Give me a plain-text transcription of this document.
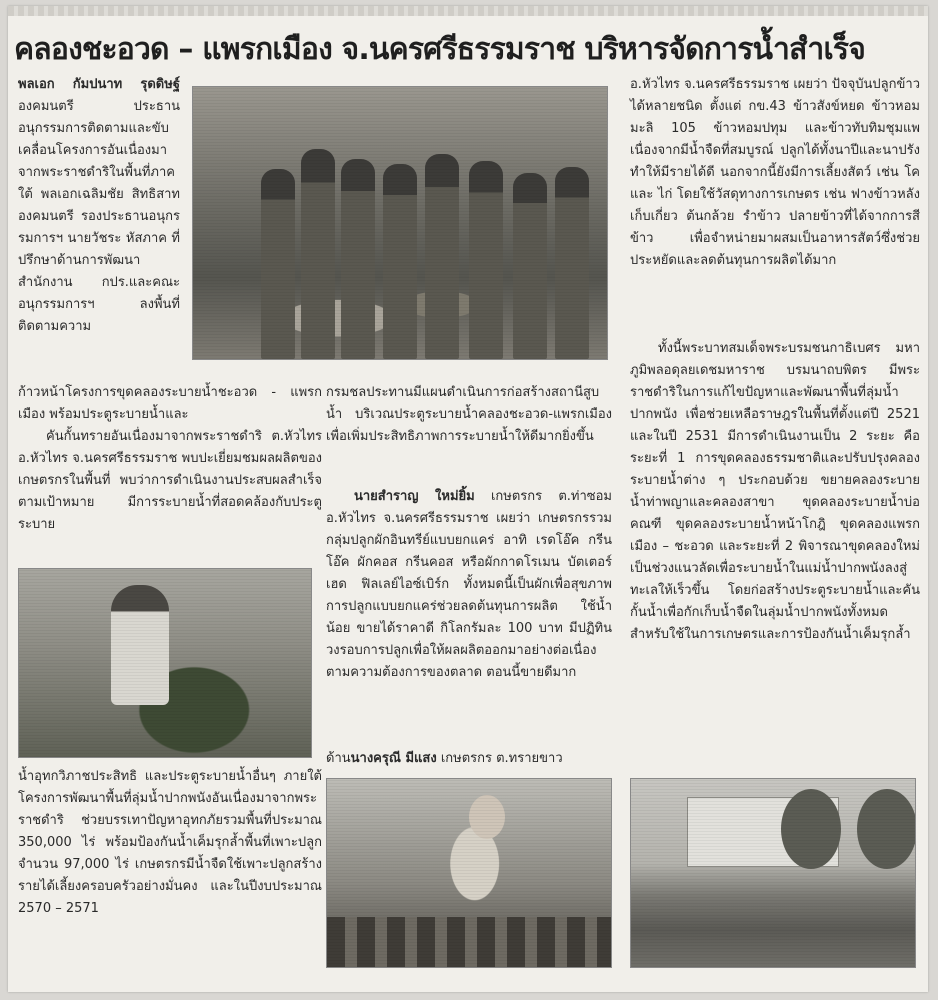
คลองชะอวด – แพรกเมือง จ.นครศรีธรรมราช บริหารจัดการน้ำสำเร็จ

พลเอก กัมปนาท รุดดิษฐ์ องคมนตรี ประธานอนุกรรมการติดตามและขับเคลื่อนโครงการอันเนื่องมาจากพระราชดำริในพื้นที่ภาคใต้ พลเอกเฉลิมชัย สิทธิสาท องคมนตรี รองประธานอนุกรรมการฯ นายวัชระ หัสภาค ที่ปรึกษาด้านการพัฒนา สำนักงาน กปร.และคณะอนุกรรมการฯ ลงพื้นที่ติดตามความ

ก้าวหน้าโครงการขุดคลองระบายน้ำชะอวด - แพรกเมือง พร้อมประตูระบายน้ำและ

คันกั้นทรายอันเนื่องมาจากพระราชดำริ ต.หัวไทร อ.หัวไทร จ.นครศรีธรรมราช พบปะเยี่ยมชมผลผลิตของเกษตรกรในพื้นที่ พบว่าการดำเนินงานประสบผลสำเร็จตามเป้าหมาย มีการระบายน้ำที่สอดคล้องกับประตูระบาย

น้ำอุทกวิภาชประสิทธิ และประตูระบายน้ำอื่นๆ ภายใต้โครงการพัฒนาพื้นที่ลุ่มน้ำปากพนังอันเนื่องมาจากพระราชดำริ ช่วยบรรเทาปัญหาอุทกภัยรวมพื้นที่ประมาณ 350,000 ไร่ พร้อมป้องกันน้ำเค็มรุกล้ำพื้นที่เพาะปลูกจำนวน 97,000 ไร่ เกษตรกรมีน้ำจืดใช้เพาะปลูกสร้างรายได้เลี้ยงครอบครัวอย่างมั่นคง และในปีงบประมาณ 2570 – 2571

กรมชลประทานมีแผนดำเนินการก่อสร้างสถานีสูบน้ำ บริเวณประตูระบายน้ำคลองชะอวด-แพรกเมือง เพื่อเพิ่มประสิทธิภาพการระบายน้ำให้ดีมากยิ่งขึ้น

นายสำราญ ใหม่ยิ้ม เกษตรกร ต.ท่าซอม อ.หัวไทร จ.นครศรีธรรมราช เผยว่า เกษตรกรรวมกลุ่มปลูกผักอินทรีย์แบบยกแคร่ อาทิ เรดโอ๊ค กรีนโอ๊ค ผักคอส กรีนคอส หรือผักกาดโรเมน บัตเตอร์เฮด ฟิลเลย์ไอซ์เบิร์ก ทั้งหมดนี้เป็นผักเพื่อสุขภาพ การปลูกแบบยกแคร่ช่วยลดต้นทุนการผลิต ใช้น้ำน้อย ขายได้ราคาดี กิโลกรัมละ 100 บาท มีปฏิทินวงรอบการปลูกเพื่อให้ผลผลิตออกมาอย่างต่อเนื่องตามความต้องการของตลาด ตอนนี้ขายดีมาก

ด้านนางครุณี มีแสง เกษตรกร ต.ทรายขาว

อ.หัวไทร จ.นครศรีธรรมราช เผยว่า ปัจจุบันปลูกข้าวได้หลายชนิด ตั้งแต่ กข.43 ข้าวสังข์หยด ข้าวหอมมะลิ 105 ข้าวหอมปทุม และข้าวทับทิมชุมแพ เนื่องจากมีน้ำจืดที่สมบูรณ์ ปลูกได้ทั้งนาปีและนาปรัง ทำให้มีรายได้ดี นอกจากนี้ยังมีการเลี้ยงสัตว์ เช่น โค และ ไก่ โดยใช้วัสดุทางการเกษตร เช่น ฟางข้าวหลังเก็บเกี่ยว ต้นกล้วย รำข้าว ปลายข้าวที่ได้จากการสีข้าว เพื่อจำหน่ายมาผสมเป็นอาหารสัตว์ซึ่งช่วยประหยัดและลดต้นทุนการผลิตได้มาก

ทั้งนี้พระบาทสมเด็จพระบรมชนกาธิเบศร มหาภูมิพลอดุลยเดชมหาราช บรมนาถบพิตร มีพระราชดำริในการแก้ไขปัญหาและพัฒนาพื้นที่ลุ่มน้ำปากพนัง เพื่อช่วยเหลือราษฎรในพื้นที่ตั้งแต่ปี 2521 และในปี 2531 มีการดำเนินงานเป็น 2 ระยะ คือ ระยะที่ 1 การขุดคลองธรรมชาติและปรับปรุงคลองระบายน้ำต่าง ๆ ประกอบด้วย ขยายคลองระบายน้ำท่าพญาและคลองสาขา ขุดคลองระบายน้ำบ่อคณฑี ขุดคลองระบายน้ำหน้าโกฎิ ขุดคลองแพรกเมือง – ชะอวด และระยะที่ 2 พิจารณาขุดคลองใหม่เป็นช่วงแนวลัดเพื่อระบายน้ำในแม่น้ำปากพนังลงสู่ทะเลให้เร็วขึ้น โดยก่อสร้างประตูระบายน้ำและคันกั้นน้ำเพื่อกักเก็บน้ำจืดในลุ่มน้ำปากพนังทั้งหมดสำหรับใช้ในการเกษตรและการป้องกันน้ำเค็มรุกล้ำ
